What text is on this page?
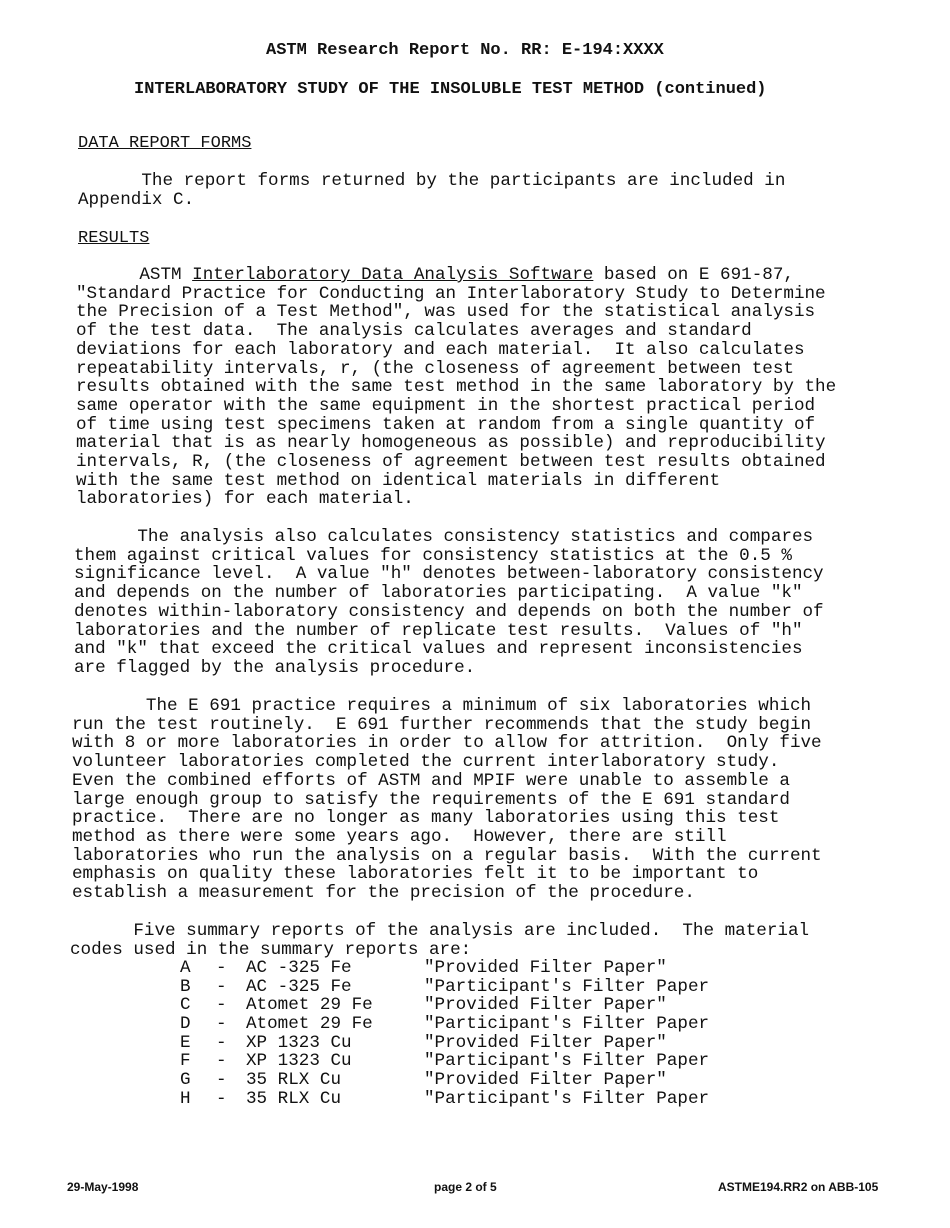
ASTM Research Report No. RR: E-194:XXXX
INTERLABORATORY STUDY OF THE INSOLUBLE TEST METHOD (continued)
DATA REPORT FORMS
The report forms returned by the participants are included in
Appendix C.
RESULTS
ASTM Interlaboratory Data Analysis Software based on E 691-87,
"Standard Practice for Conducting an Interlaboratory Study to Determine
the Precision of a Test Method", was used for the statistical analysis
of the test data.  The analysis calculates averages and standard
deviations for each laboratory and each material.  It also calculates
repeatability intervals, r, (the closeness of agreement between test
results obtained with the same test method in the same laboratory by the
same operator with the same equipment in the shortest practical period
of time using test specimens taken at random from a single quantity of
material that is as nearly homogeneous as possible) and reproducibility
intervals, R, (the closeness of agreement between test results obtained
with the same test method on identical materials in different
laboratories) for each material.
The analysis also calculates consistency statistics and compares
them against critical values for consistency statistics at the 0.5 %
significance level.  A value "h" denotes between-laboratory consistency
and depends on the number of laboratories participating.  A value "k"
denotes within-laboratory consistency and depends on both the number of
laboratories and the number of replicate test results.  Values of "h"
and "k" that exceed the critical values and represent inconsistencies
are flagged by the analysis procedure.
The E 691 practice requires a minimum of six laboratories which
run the test routinely.  E 691 further recommends that the study begin
with 8 or more laboratories in order to allow for attrition.  Only five
volunteer laboratories completed the current interlaboratory study.
Even the combined efforts of ASTM and MPIF were unable to assemble a
large enough group to satisfy the requirements of the E 691 standard
practice.  There are no longer as many laboratories using this test
method as there were some years ago.  However, there are still
laboratories who run the analysis on a regular basis.  With the current
emphasis on quality these laboratories felt it to be important to
establish a measurement for the precision of the procedure.
Five summary reports of the analysis are included.  The material
codes used in the summary reports are:
A - AC -325 Fe	"Provided Filter Paper"
B - AC -325 Fe	"Participant's Filter Paper
C - Atomet 29 Fe	"Provided Filter Paper"
D - Atomet 29 Fe	"Participant's Filter Paper
E - XP 1323 Cu	"Provided Filter Paper"
F - XP 1323 Cu	"Participant's Filter Paper
G - 35 RLX Cu	"Provided Filter Paper"
H - 35 RLX Cu	"Participant's Filter Paper
29-May-1998	page 2 of 5	ASTME194.RR2 on ABB-105
